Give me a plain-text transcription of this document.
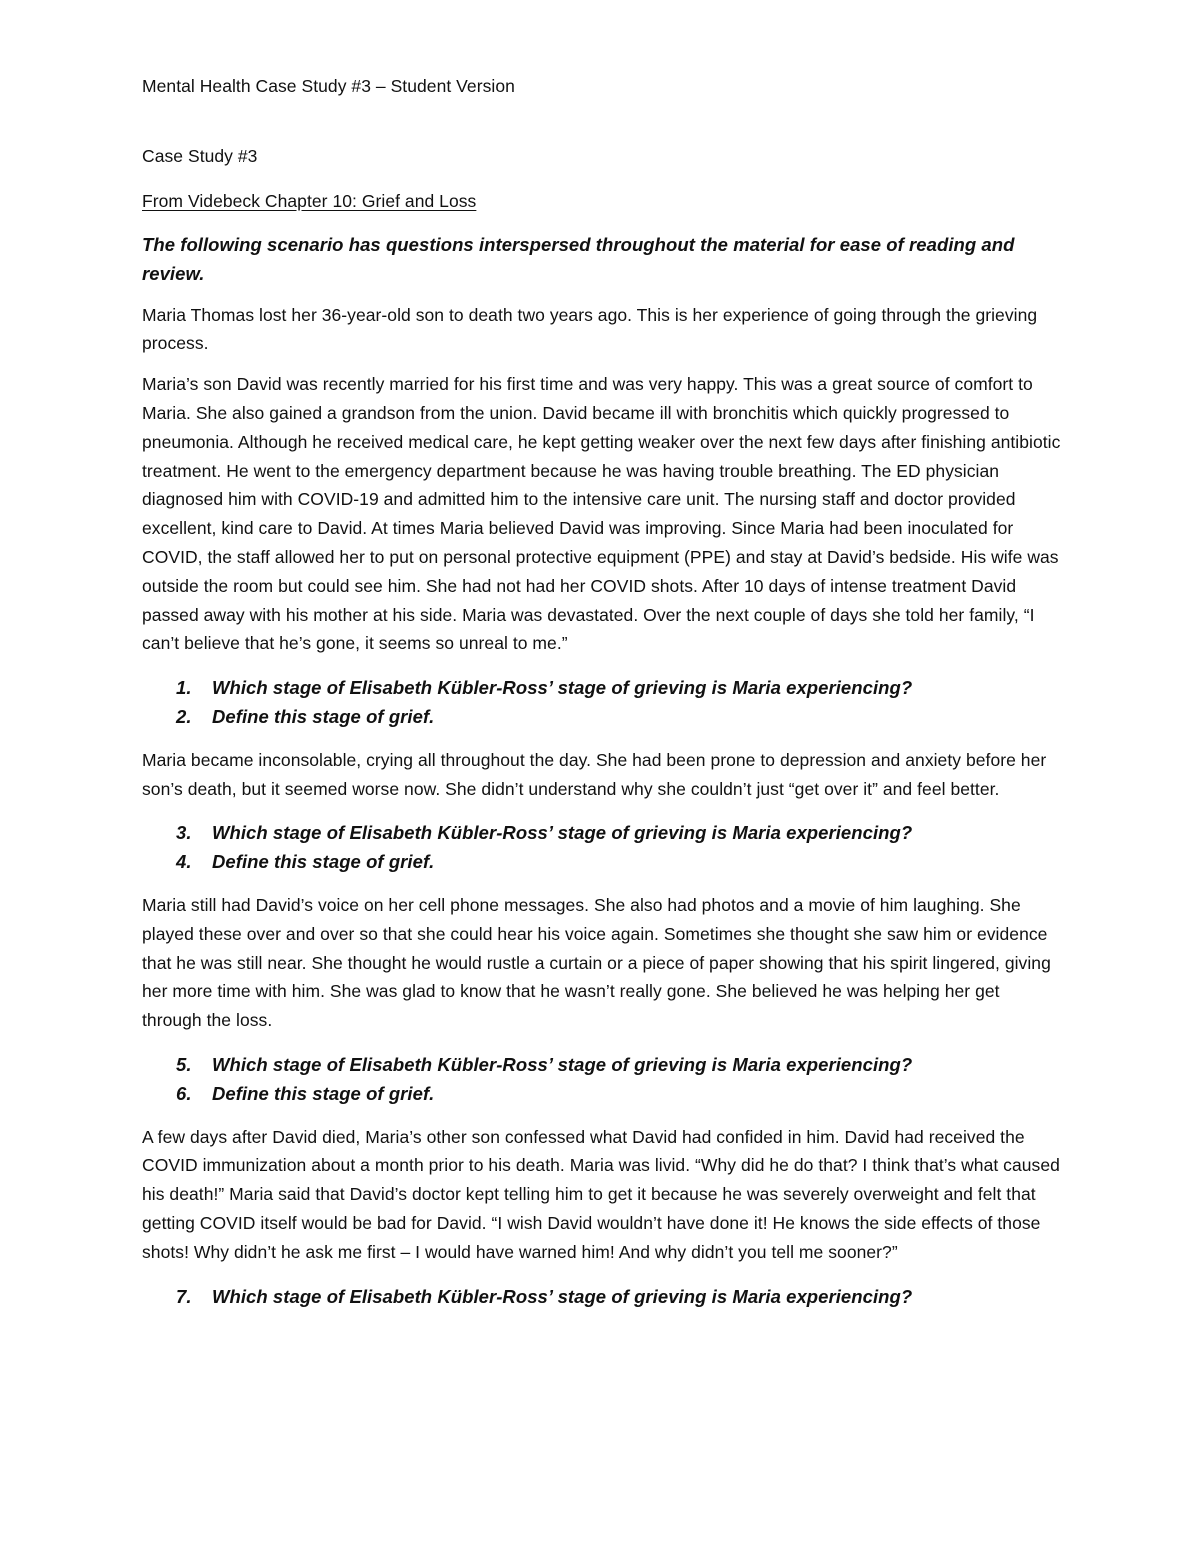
Mental Health Case Study #3 – Student Version

Case Study #3

From Videbeck Chapter 10: Grief and Loss

The following scenario has questions interspersed throughout the material for ease of reading and review.

Maria Thomas lost her 36-year-old son to death two years ago. This is her experience of going through the grieving process.

Maria’s son David was recently married for his first time and was very happy. This was a great source of comfort to Maria. She also gained a grandson from the union. David became ill with bronchitis which quickly progressed to pneumonia. Although he received medical care, he kept getting weaker over the next few days after finishing antibiotic treatment. He went to the emergency department because he was having trouble breathing. The ED physician diagnosed him with COVID-19 and admitted him to the intensive care unit. The nursing staff and doctor provided excellent, kind care to David. At times Maria believed David was improving. Since Maria had been inoculated for COVID, the staff allowed her to put on personal protective equipment (PPE) and stay at David’s bedside. His wife was outside the room but could see him. She had not had her COVID shots. After 10 days of intense treatment David passed away with his mother at his side. Maria was devastated. Over the next couple of days she told her family, “I can’t believe that he’s gone, it seems so unreal to me.”

1. Which stage of Elisabeth Kübler-Ross’ stage of grieving is Maria experiencing?
2. Define this stage of grief.

Maria became inconsolable, crying all throughout the day. She had been prone to depression and anxiety before her son’s death, but it seemed worse now. She didn’t understand why she couldn’t just “get over it” and feel better.

3. Which stage of Elisabeth Kübler-Ross’ stage of grieving is Maria experiencing?
4. Define this stage of grief.

Maria still had David’s voice on her cell phone messages. She also had photos and a movie of him laughing. She played these over and over so that she could hear his voice again. Sometimes she thought she saw him or evidence that he was still near. She thought he would rustle a curtain or a piece of paper showing that his spirit lingered, giving her more time with him. She was glad to know that he wasn’t really gone. She believed he was helping her get through the loss.

5. Which stage of Elisabeth Kübler-Ross’ stage of grieving is Maria experiencing?
6. Define this stage of grief.

A few days after David died, Maria’s other son confessed what David had confided in him. David had received the COVID immunization about a month prior to his death. Maria was livid. “Why did he do that? I think that’s what caused his death!” Maria said that David’s doctor kept telling him to get it because he was severely overweight and felt that getting COVID itself would be bad for David. “I wish David wouldn’t have done it! He knows the side effects of those shots! Why didn’t he ask me first – I would have warned him! And why didn’t you tell me sooner?”

7. Which stage of Elisabeth Kübler-Ross’ stage of grieving is Maria experiencing?
